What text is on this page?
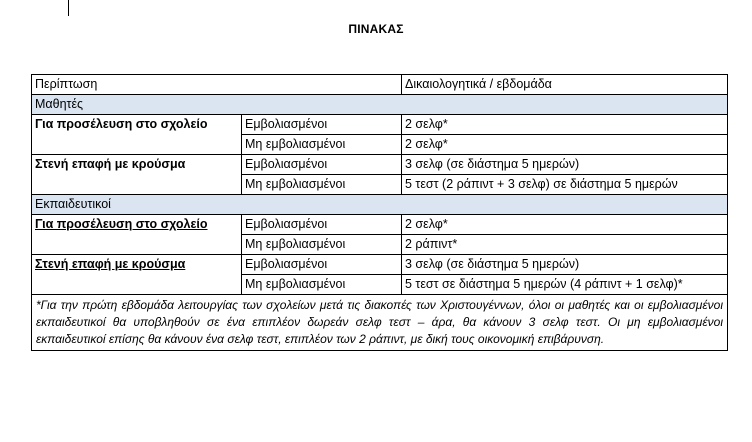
ΠΙΝΑΚΑΣ
Περίπτωση		Δικαιολογητικά / εβδομάδα
Μαθητές		
Για προσέλευση στο σχολείο	Εμβολιασμένοι	2 σελφ*
	Μη εμβολιασμένοι	2 σελφ*
Στενή επαφή με κρούσμα	Εμβολιασμένοι	3 σελφ (σε διάστημα 5 ημερών)
	Μη εμβολιασμένοι	5 τεστ (2 ράπιντ + 3 σελφ) σε διάστημα 5 ημερών
Εκπαιδευτικοί		
Για προσέλευση στο σχολείο	Εμβολιασμένοι	2 σελφ*
	Μη εμβολιασμένοι	2 ράπιντ*
Στενή επαφή με κρούσμα	Εμβολιασμένοι	3 σελφ (σε διάστημα 5 ημερών)
	Μη εμβολιασμένοι	5 τεστ σε διάστημα 5 ημερών (4 ράπιντ + 1 σελφ)*
*Για την πρώτη εβδομάδα λειτουργίας των σχολείων μετά τις διακοπές των Χριστουγέννων, όλοι οι μαθητές και οι εμβολιασμένοι εκπαιδευτικοί θα υποβληθούν σε ένα επιπλέον δωρεάν σελφ τεστ – άρα, θα κάνουν 3 σελφ τεστ. Οι μη εμβολιασμένοι εκπαιδευτικοί επίσης θα κάνουν ένα σελφ τεστ, επιπλέον των 2 ράπιντ, με δική τους οικονομική επιβάρυνση.		
